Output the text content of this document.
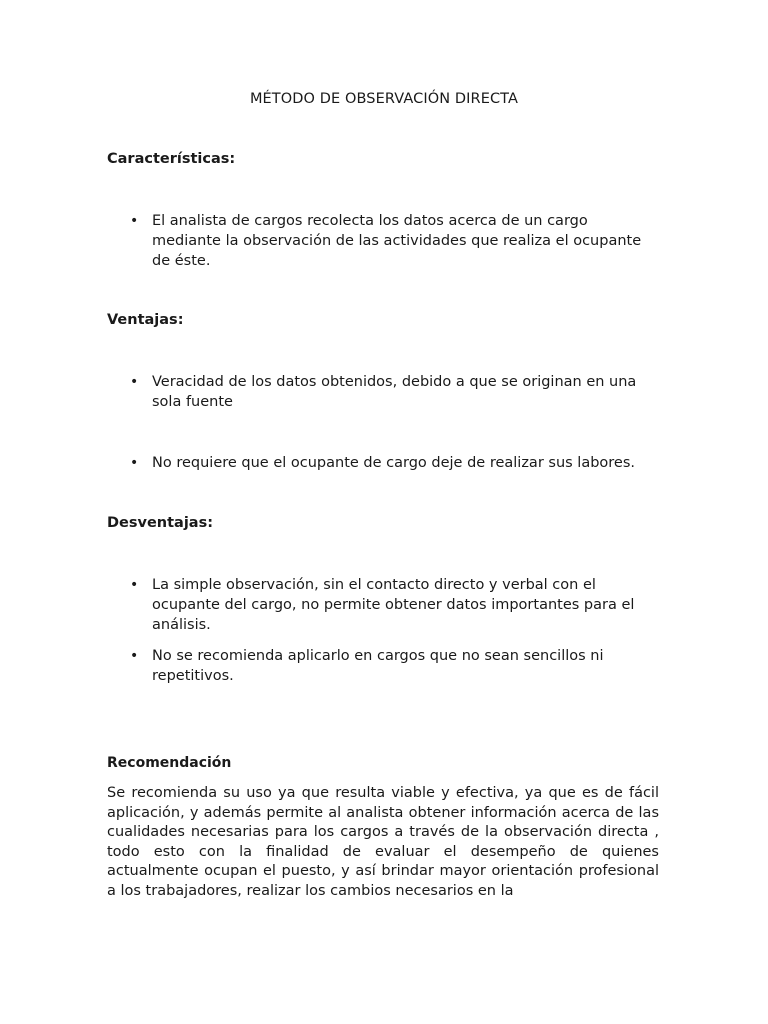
MÉTODO DE OBSERVACIÓN DIRECTA
Características:
• El analista de cargos recolecta los datos acerca de un cargo mediante la observación de las actividades que realiza el ocupante de éste.
Ventajas:
• Veracidad de los datos obtenidos, debido a que se originan en una sola fuente
• No requiere que el ocupante de cargo deje de realizar sus labores.
Desventajas:
• La simple observación, sin el contacto directo y verbal con el ocupante del cargo, no permite obtener datos importantes para el análisis.
• No se recomienda aplicarlo en cargos que no sean sencillos ni repetitivos.
Recomendación
Se recomienda su uso ya que resulta viable y efectiva, ya que es de fácil aplicación, y además permite al analista obtener información acerca de las cualidades necesarias para los cargos a través de la observación directa , todo esto con la finalidad de evaluar el desempeño de quienes actualmente ocupan el puesto, y así brindar mayor orientación profesional a los trabajadores, realizar los cambios necesarios en la
